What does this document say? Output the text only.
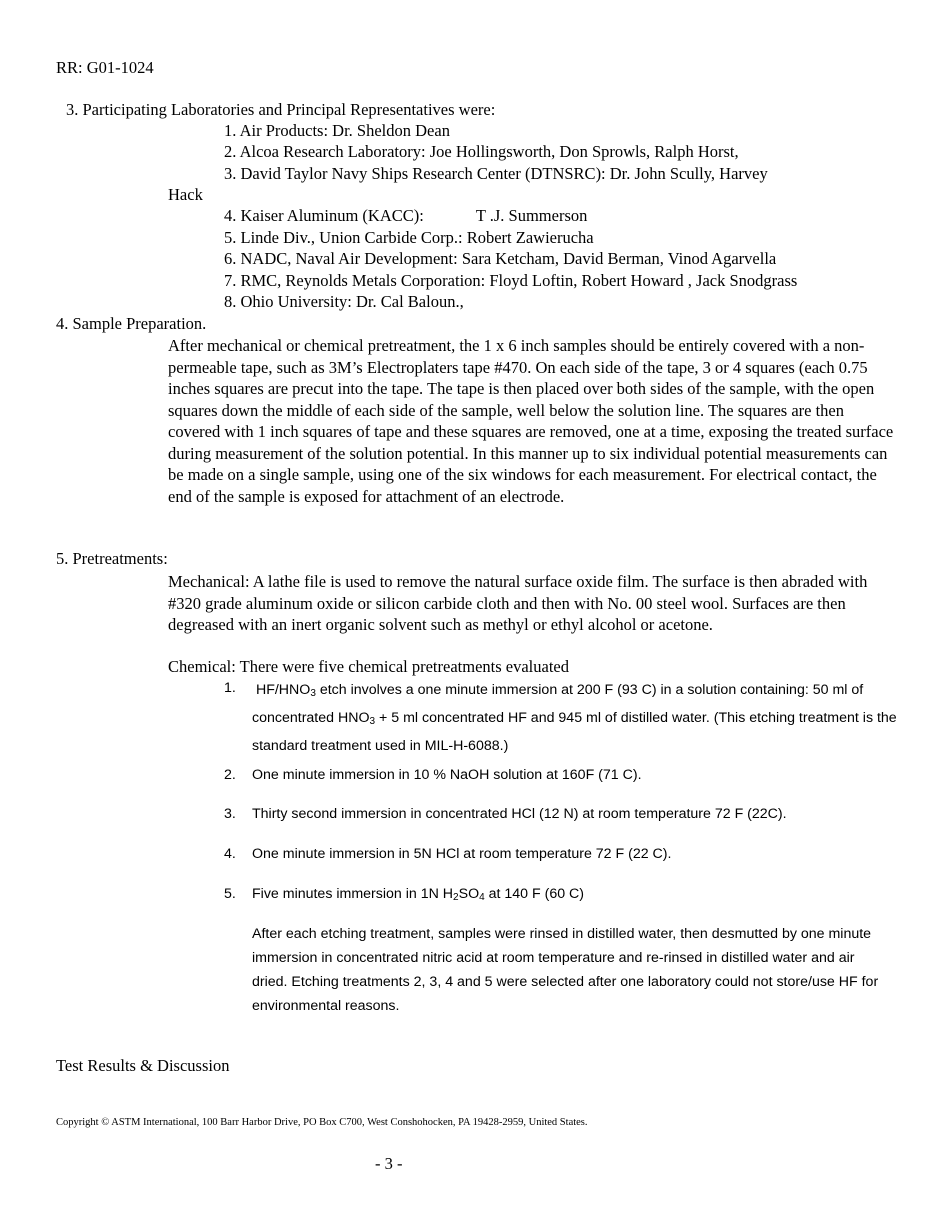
RR: G01-1024
3. Participating Laboratories and Principal Representatives were:
1. Air Products: Dr. Sheldon Dean
2. Alcoa Research Laboratory: Joe Hollingsworth, Don Sprowls, Ralph Horst,
3. David Taylor Navy Ships Research Center (DTNSRC): Dr. John Scully, Harvey
Hack
4. Kaiser Aluminum (KACC):	T .J. Summerson
5. Linde Div., Union Carbide Corp.: Robert Zawierucha
6. NADC, Naval Air Development: Sara Ketcham, David Berman, Vinod Agarvella
7. RMC, Reynolds Metals Corporation: Floyd Loftin, Robert Howard , Jack Snodgrass
8. Ohio University: Dr. Cal Baloun.,
4. Sample Preparation.
After mechanical or chemical pretreatment, the 1 x 6 inch samples should be entirely covered with a non-permeable tape, such as 3M’s Electroplaters tape #470. On each side of the tape, 3 or 4 squares (each 0.75 inches squares are precut into the tape. The tape is then placed over both sides of the sample, with the open squares down the middle of each side of the sample, well below the solution line. The squares are then covered with 1 inch squares of tape and these squares are removed, one at a time, exposing the treated surface during measurement of the solution potential. In this manner up to six individual potential measurements can be made on a single sample, using one of the six windows for each measurement. For electrical contact, the end of the sample is exposed for attachment of an electrode.
5. Pretreatments:
Mechanical: A lathe file is used to remove the natural surface oxide film. The surface is then abraded with #320 grade aluminum oxide or silicon carbide cloth and then with No. 00 steel wool. Surfaces are then degreased with an inert organic solvent such as methyl or ethyl alcohol or acetone.
Chemical: There were five chemical pretreatments evaluated
1. $HF/HNO_3$ etch involves a one minute immersion at 200 F (93 C) in a solution containing: 50 ml of concentrated $HNO_3 + 5$ ml concentrated HF and 945 ml of distilled water. (This etching treatment is the standard treatment used in MIL-H-6088.)
2. One minute immersion in 10 % NaOH solution at 160F (71 C).
3. Thirty second immersion in concentrated HCl (12 N) at room temperature 72 F (22C).
4. One minute immersion in 5N HCl at room temperature 72 F (22 C).
5. Five minutes immersion in 1N $H_2SO_4$ at 140 F (60 C)
After each etching treatment, samples were rinsed in distilled water, then desmutted by one minute immersion in concentrated nitric acid at room temperature and re-rinsed in distilled water and air dried. Etching treatments 2, 3, 4 and 5 were selected after one laboratory could not store/use HF for environmental reasons.
Test Results & Discussion
Copyright © ASTM International, 100 Barr Harbor Drive, PO Box C700, West Conshohocken, PA 19428-2959, United States.
- 3 -
